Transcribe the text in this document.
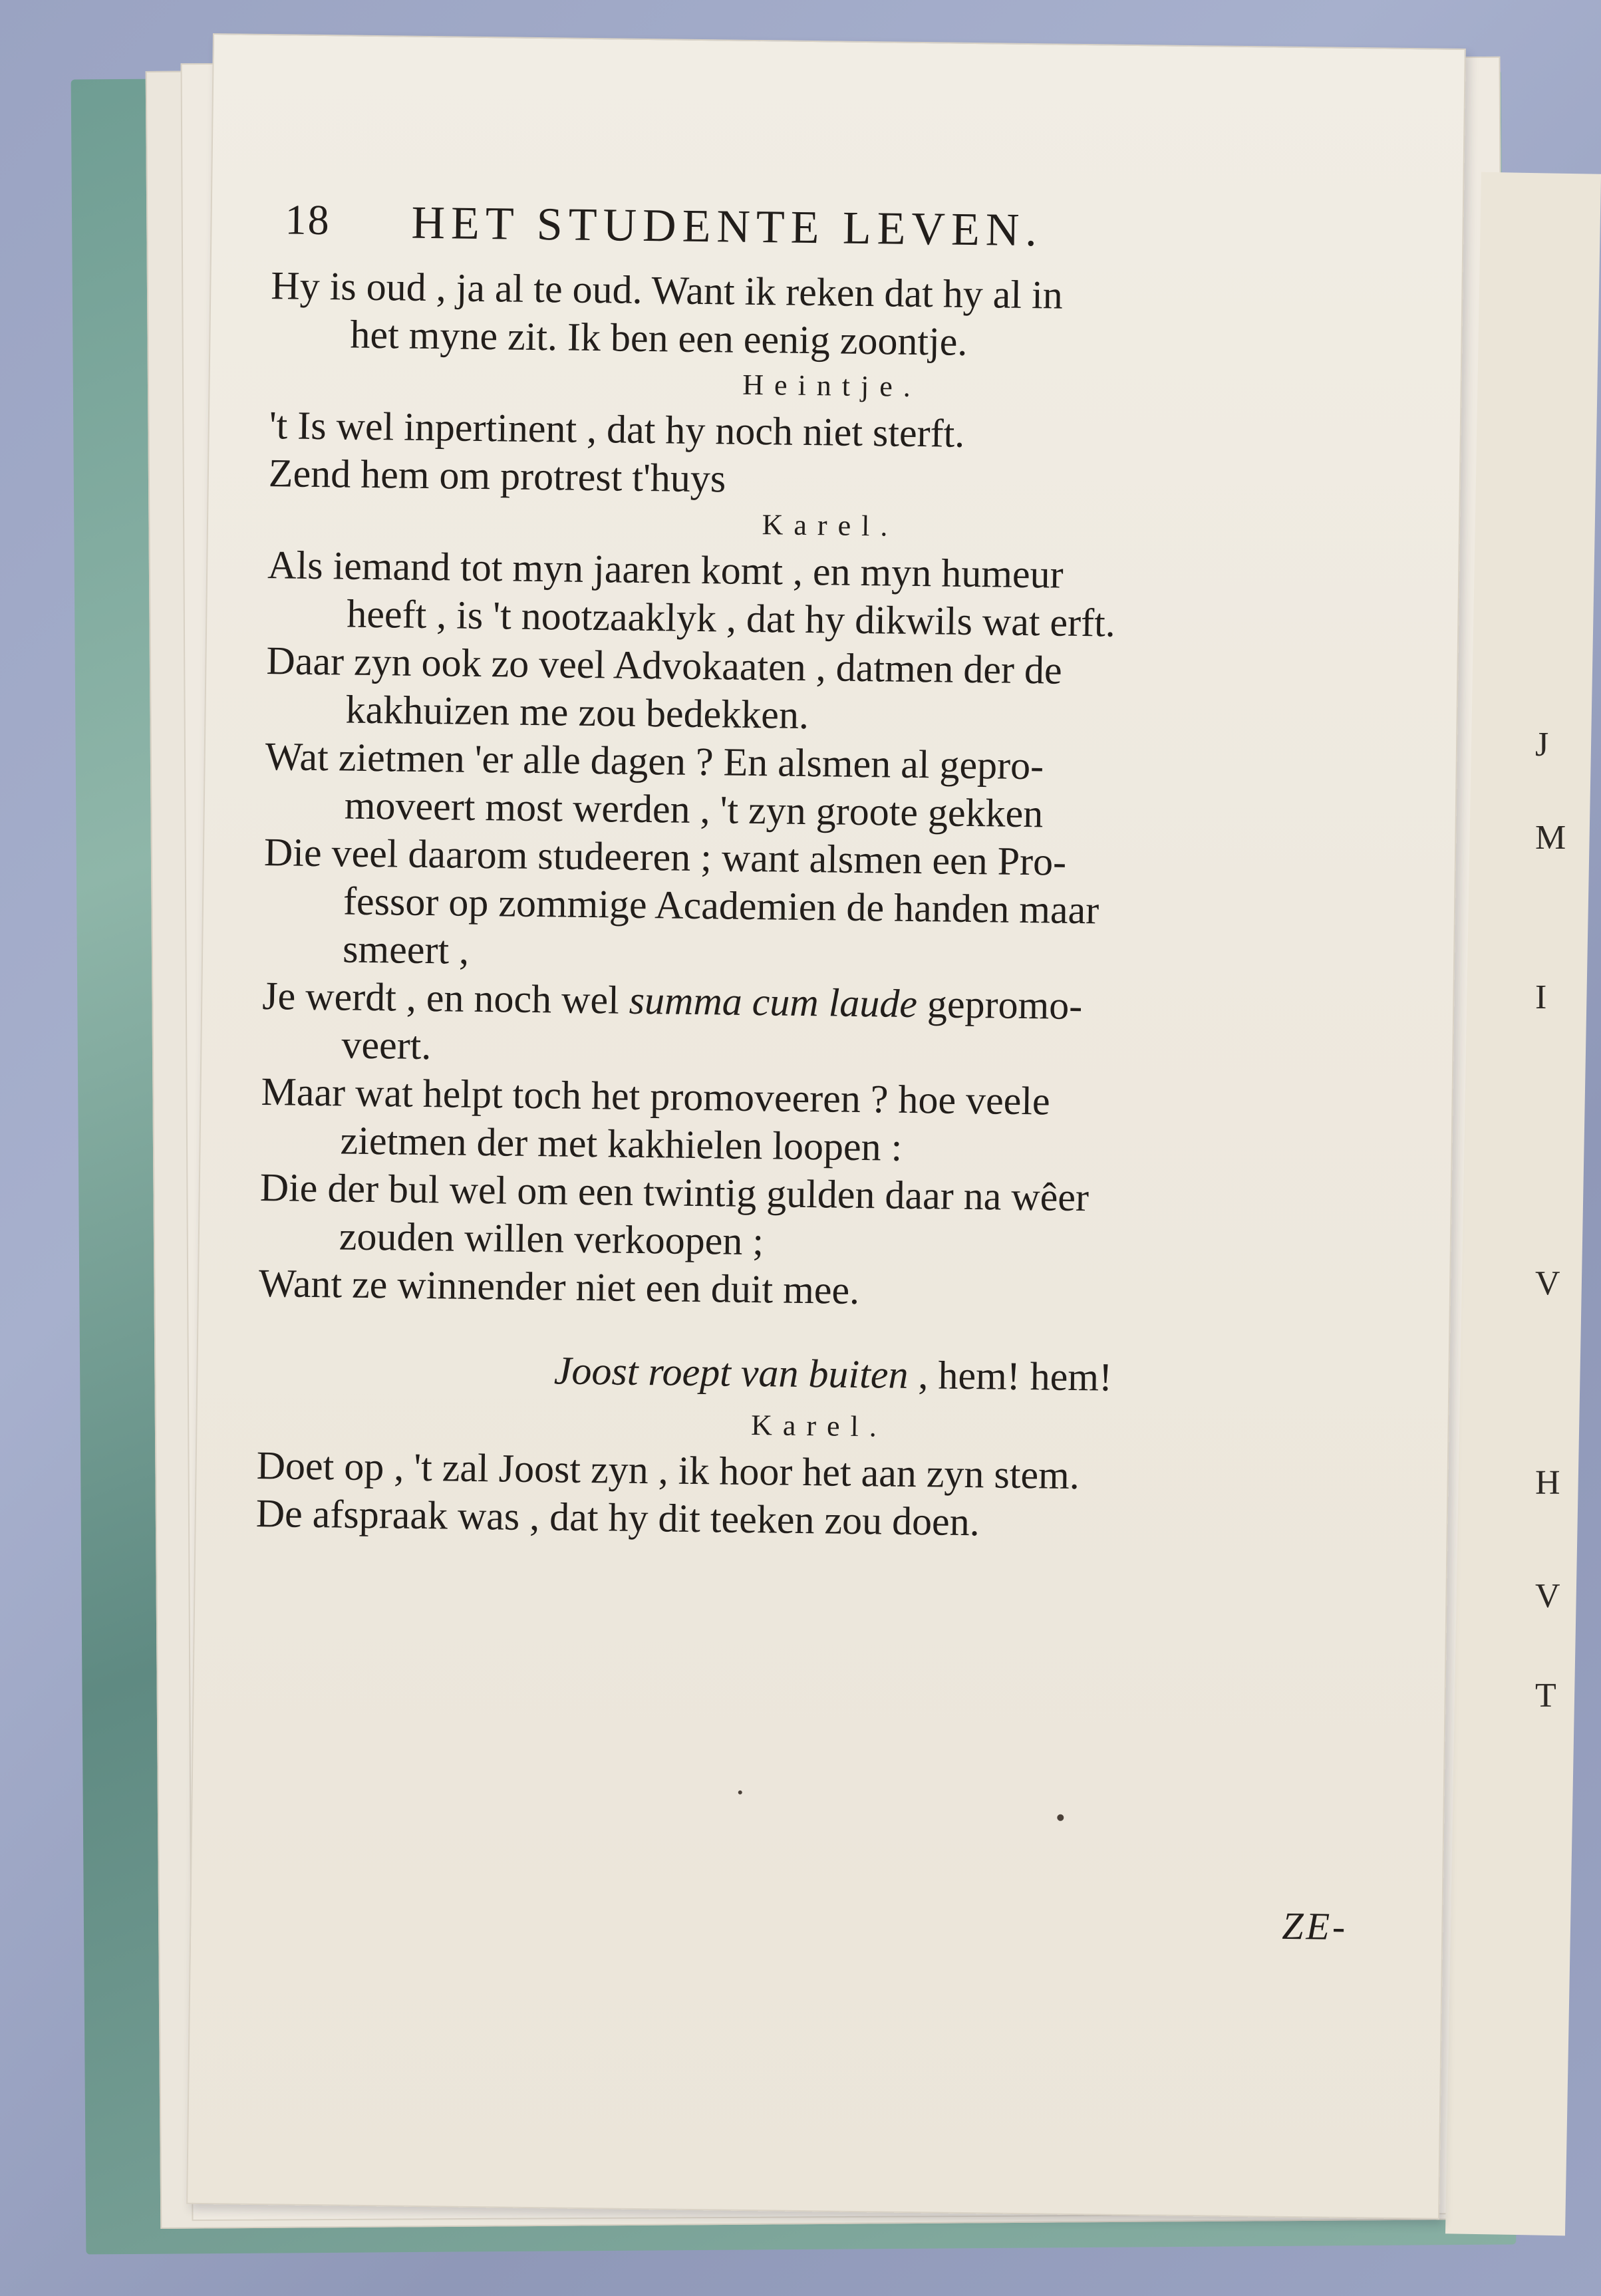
J
M
I
V
H
V
T
18 HET STUDENTE LEVEN.
Hy is oud , ja al te oud. Want ik reken dat hy al in
het myne zit. Ik ben een eenig zoontje.
Heintje.
't Is wel inpertinent , dat hy noch niet sterft.
Zend hem om protrest t'huys
Karel.
Als iemand tot myn jaaren komt , en myn humeur
heeft , is 't nootzaaklyk , dat hy dikwils wat erft.
Daar zyn ook zo veel Advokaaten , datmen der de
kakhuizen me zou bedekken.
Wat zietmen 'er alle dagen ? En alsmen al gepro-
moveert most werden , 't zyn groote gekken
Die veel daarom studeeren ; want alsmen een Pro-
fessor op zommige Academien de handen maar
smeert ,
Je werdt , en noch wel summa cum laude gepromo-
veert.
Maar wat helpt toch het promoveeren ? hoe veele
zietmen der met kakhielen loopen :
Die der bul wel om een twintig gulden daar na wêer
zouden willen verkoopen ;
Want ze winnender niet een duit mee.
Joost roept van buiten , hem! hem!
Karel.
Doet op , 't zal Joost zyn , ik hoor het aan zyn stem.
De afspraak was , dat hy dit teeken zou doen.
ZE-
